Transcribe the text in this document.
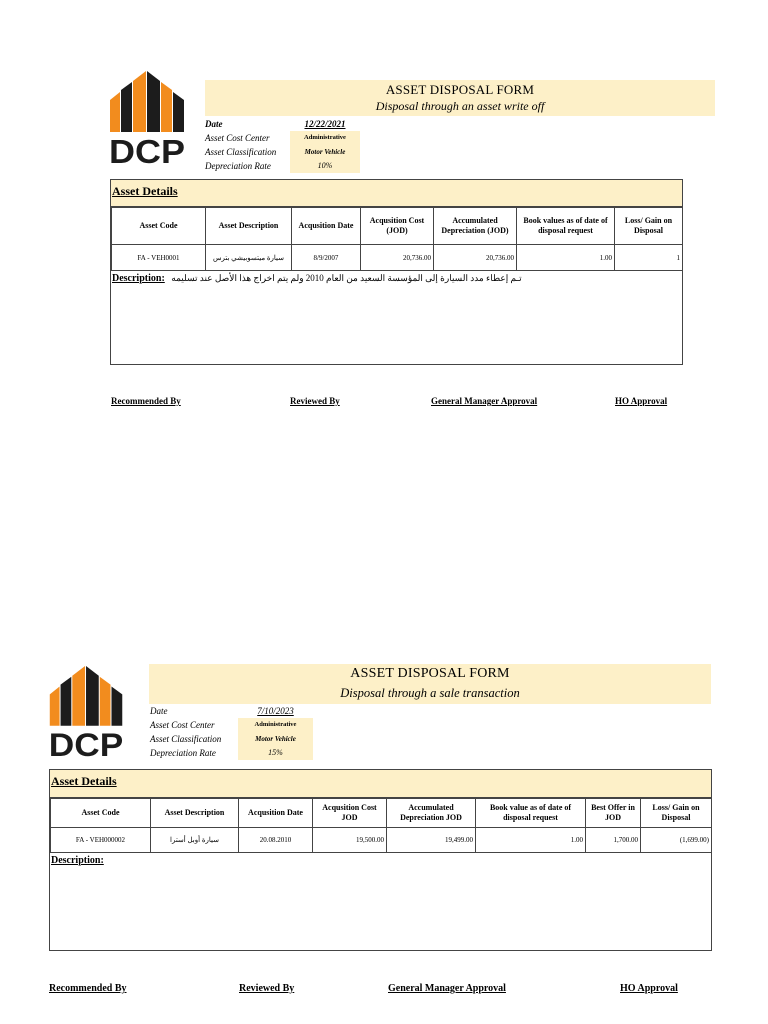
DCP
ASSET DISPOSAL FORM
Disposal through an asset write off
Date	12/22/2021
Asset Cost Center	Administrative
Asset Classification	Motor Vehicle
Depreciation Rate	10%
Asset Details
Asset Code	Asset Description	Acqusition Date	Acqusition Cost (JOD)	Accumulated Depreciation (JOD)	Book values as of date of disposal request	Loss/ Gain on Disposal
FA - VEH0001	سيارة ميتسوبيشي بترس	8/9/2007	20,736.00	20,736.00	1.00	1
Description: تـم إعطاء مدد السيارة إلى المؤسسة السعيد من العام 2010 ولم يتم اخراج هذا الأصل عند تسليمه
Recommended By	Reviewed By	General Manager Approval	HO Approval
DCP
ASSET DISPOSAL FORM
Disposal through a sale transaction
Date	7/10/2023
Asset Cost Center	Administrative
Asset Classification	Motor Vehicle
Depreciation Rate	15%
Asset Details
Asset Code	Asset Description	Acqusition Date	Acqusition Cost JOD	Accumulated Depreciation JOD	Book value as of date of disposal request	Best Offer in JOD	Loss/ Gain on Disposal
FA - VEH000002	سيارة أوبل أسترا	20.08.2010	19,500.00	19,499.00	1.00	1,700.00	(1,699.00)
Description:
Recommended By	Reviewed By	General Manager Approval	HO Approval
